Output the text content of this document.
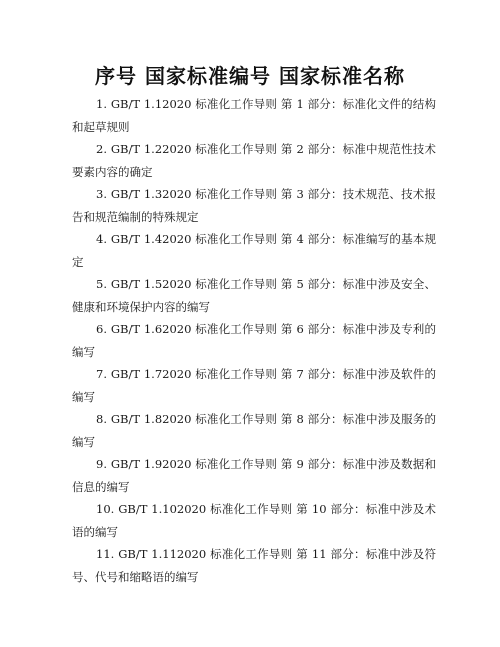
序号 国家标准编号 国家标准名称
1. GB/T 1.12020 标准化工作导则 第 1 部分：标准化文件的结构和起草规则
2. GB/T 1.22020 标准化工作导则 第 2 部分：标准中规范性技术要素内容的确定
3. GB/T 1.32020 标准化工作导则 第 3 部分：技术规范、技术报告和规范编制的特殊规定
4. GB/T 1.42020 标准化工作导则 第 4 部分：标准编写的基本规定
5. GB/T 1.52020 标准化工作导则 第 5 部分：标准中涉及安全、健康和环境保护内容的编写
6. GB/T 1.62020 标准化工作导则 第 6 部分：标准中涉及专利的编写
7. GB/T 1.72020 标准化工作导则 第 7 部分：标准中涉及软件的编写
8. GB/T 1.82020 标准化工作导则 第 8 部分：标准中涉及服务的编写
9. GB/T 1.92020 标准化工作导则 第 9 部分：标准中涉及数据和信息的编写
10. GB/T 1.102020 标准化工作导则 第 10 部分：标准中涉及术语的编写
11. GB/T 1.112020 标准化工作导则 第 11 部分：标准中涉及符号、代号和缩略语的编写
